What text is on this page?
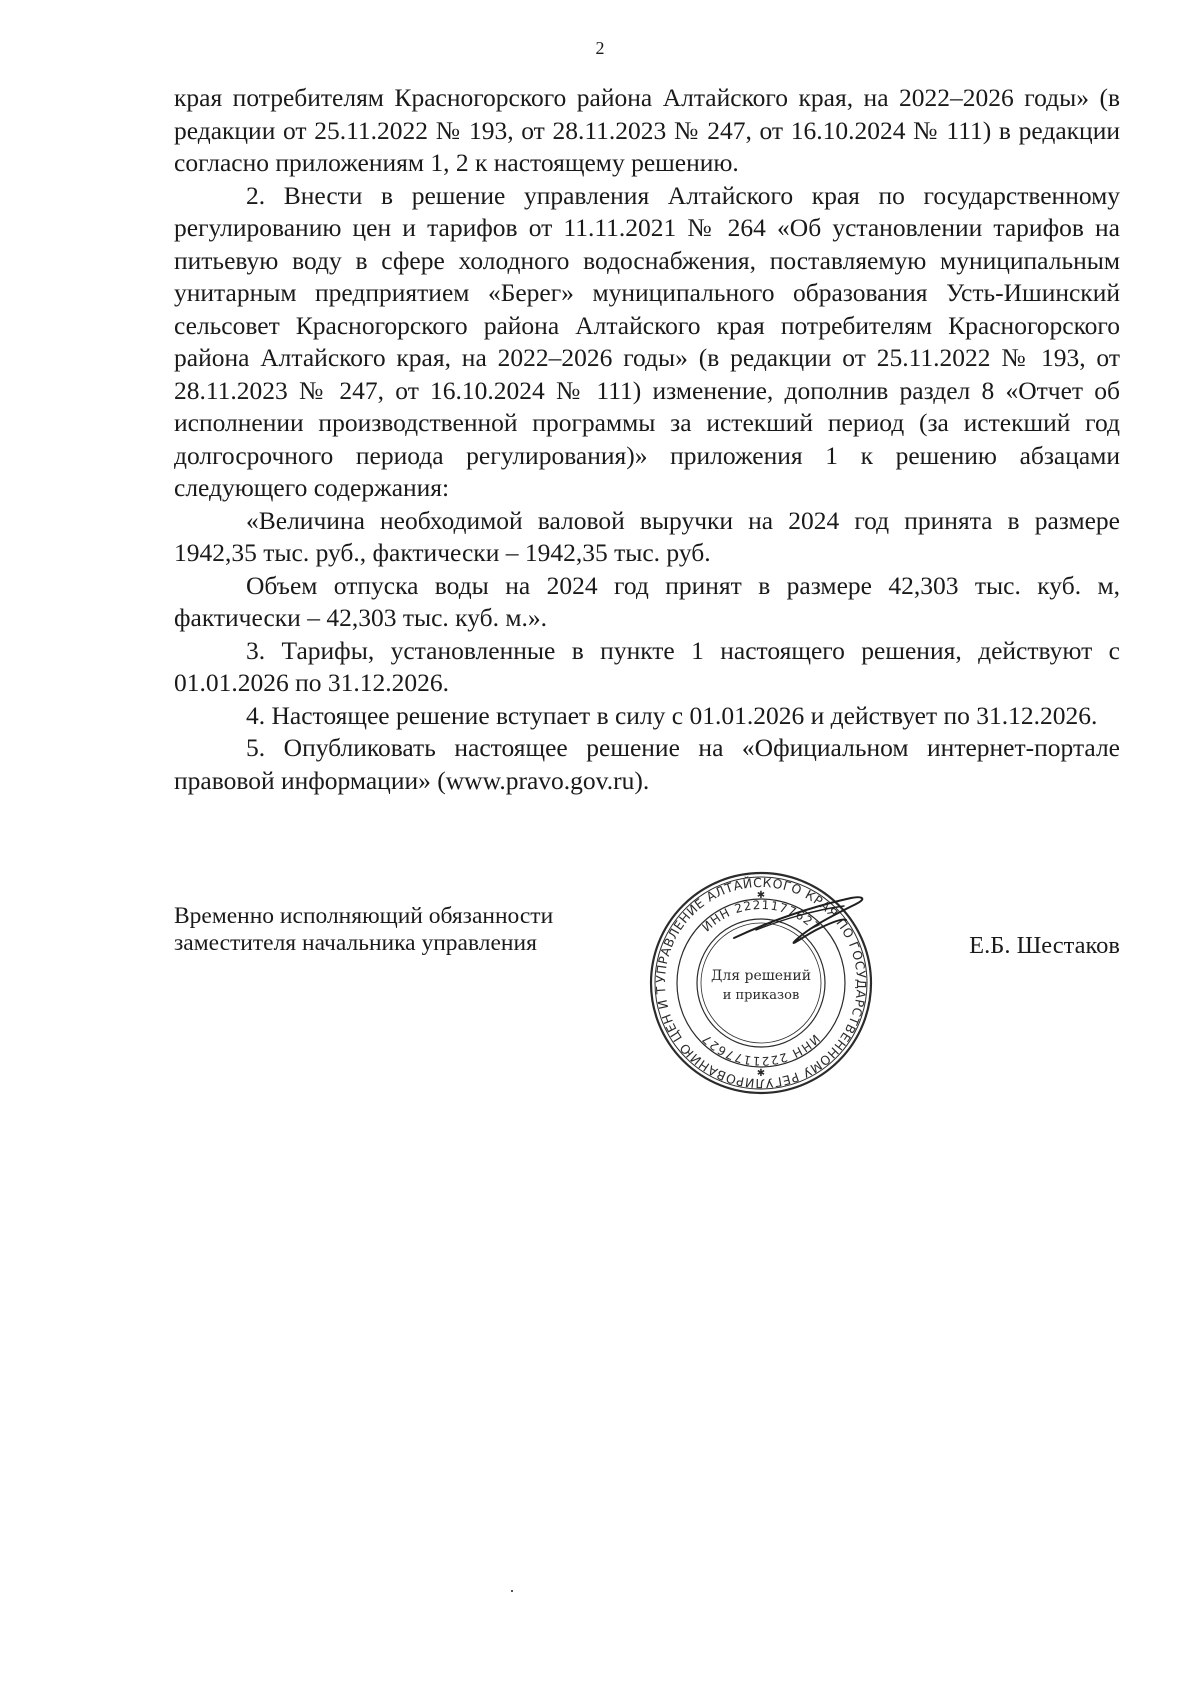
2

края потребителям Красногорского района Алтайского края, на 2022–2026 годы» (в редакции от 25.11.2022 № 193, от 28.11.2023 № 247, от 16.10.2024 № 111) в редакции согласно приложениям 1, 2 к настоящему решению.

2. Внести в решение управления Алтайского края по государственному регулированию цен и тарифов от 11.11.2021 № 264 «Об установлении тарифов на питьевую воду в сфере холодного водоснабжения, поставляемую муниципальным унитарным предприятием «Берег» муниципального образования Усть-Ишинский сельсовет Красногорского района Алтайского края потребителям Красногорского района Алтайского края, на 2022–2026 годы» (в редакции от 25.11.2022 № 193, от 28.11.2023 № 247, от 16.10.2024 № 111) изменение, дополнив раздел 8 «Отчет об исполнении производственной программы за истекший период (за истекший год долгосрочного периода регулирования)» приложения 1 к решению абзацами следующего содержания:

«Величина необходимой валовой выручки на 2024 год принята в размере 1942,35 тыс. руб., фактически – 1942,35 тыс. руб.

Объем отпуска воды на 2024 год принят в размере 42,303 тыс. куб. м, фактически – 42,303 тыс. куб. м.».

3. Тарифы, установленные в пункте 1 настоящего решения, действуют с 01.01.2026 по 31.12.2026.

4. Настоящее решение вступает в силу с 01.01.2026 и действует по 31.12.2026.

5. Опубликовать настоящее решение на «Официальном интернет-портале правовой информации» (www.pravo.gov.ru).

Временно исполняющий обязанности
заместителя начальника управления
УПРАВЛЕНИЕ АЛТАЙСКОГО КРАЯ ПО ГОСУДАРСТВЕННОМУ РЕГУЛИРОВАНИЮ ЦЕН И Т
ИНН 2221177627
ИНН 2221177627
Для решений
и приказов
✱
✱
Е.Б. Шестаков
